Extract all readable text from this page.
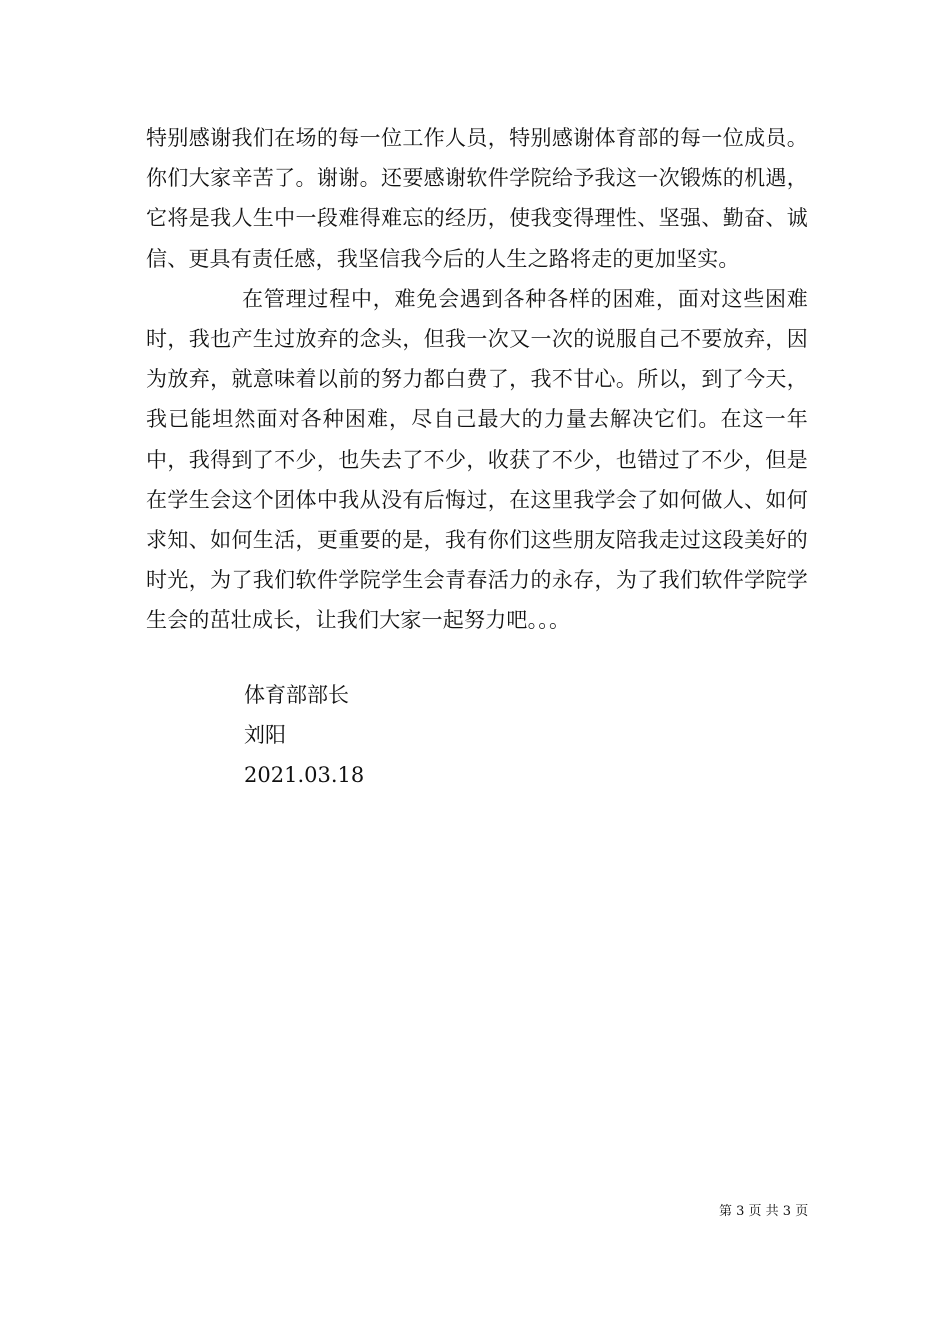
特别感谢我们在场的每一位工作人员，特别感谢体育部的每一位成员。你们大家辛苦了。谢谢。还要感谢软件学院给予我这一次锻炼的机遇，它将是我人生中一段难得难忘的经历，使我变得理性、坚强、勤奋、诚信、更具有责任感，我坚信我今后的人生之路将走的更加坚实。

在管理过程中，难免会遇到各种各样的困难，面对这些困难时，我也产生过放弃的念头，但我一次又一次的说服自己不要放弃，因为放弃，就意味着以前的努力都白费了，我不甘心。所以，到了今天，我已能坦然面对各种困难，尽自己最大的力量去解决它们。在这一年中，我得到了不少，也失去了不少，收获了不少，也错过了不少，但是在学生会这个团体中我从没有后悔过，在这里我学会了如何做人、如何求知、如何生活，更重要的是，我有你们这些朋友陪我走过这段美好的时光，为了我们软件学院学生会青春活力的永存，为了我们软件学院学生会的茁壮成长，让我们大家一起努力吧。。。

体育部部长
刘阳
2021.03.18
第 3 页 共 3 页
